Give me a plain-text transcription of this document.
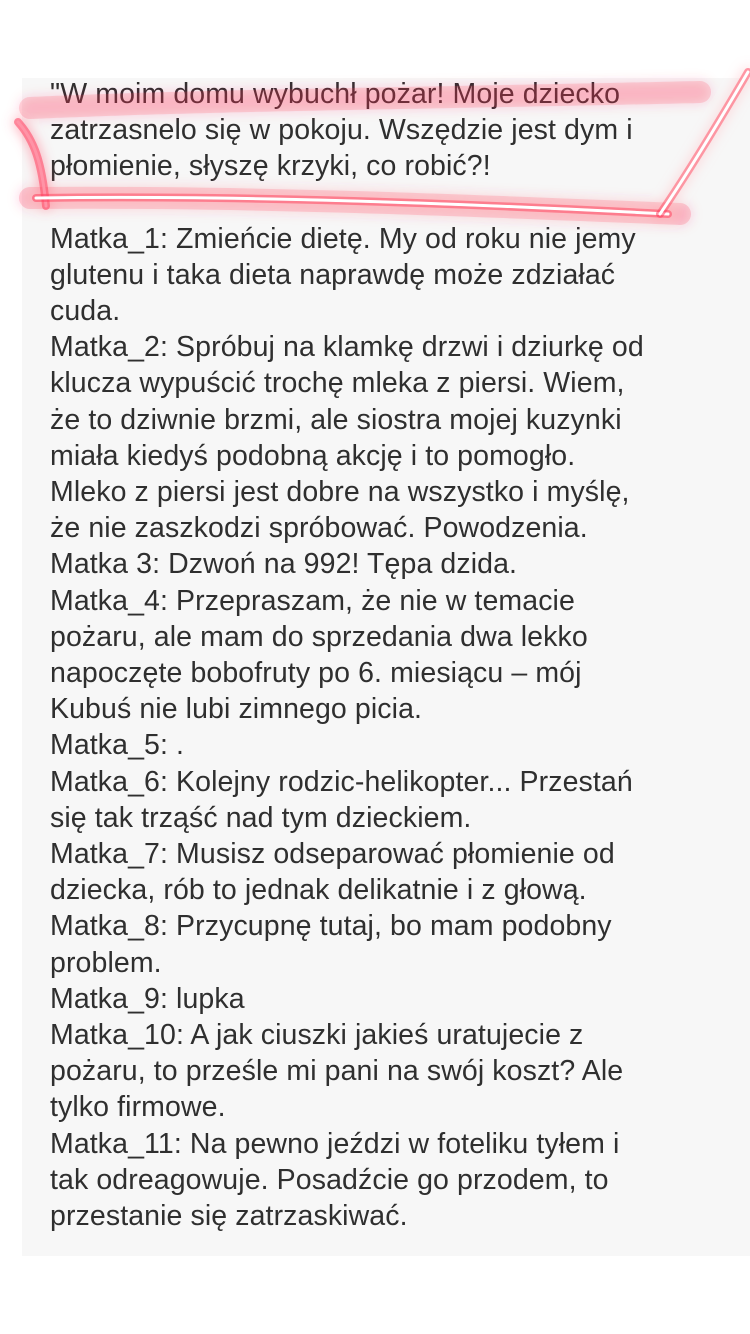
"W moim domu wybuchł pożar! Moje dziecko
zatrzasnelo się w pokoju. Wszędzie jest dym i
płomienie, słyszę krzyki, co robić?!
Matka_1: Zmieńcie dietę. My od roku nie jemy
glutenu i taka dieta naprawdę może zdziałać
cuda.
Matka_2: Spróbuj na klamkę drzwi i dziurkę od
klucza wypuścić trochę mleka z piersi. Wiem,
że to dziwnie brzmi, ale siostra mojej kuzynki
miała kiedyś podobną akcję i to pomogło.
Mleko z piersi jest dobre na wszystko i myślę,
że nie zaszkodzi spróbować. Powodzenia.
Matka 3: Dzwoń na 992! Tępa dzida.
Matka_4: Przepraszam, że nie w temacie
pożaru, ale mam do sprzedania dwa lekko
napoczęte bobofruty po 6. miesiącu – mój
Kubuś nie lubi zimnego picia.
Matka_5: .
Matka_6: Kolejny rodzic-helikopter... Przestań
się tak trząść nad tym dzieckiem.
Matka_7: Musisz odseparować płomienie od
dziecka, rób to jednak delikatnie i z głową.
Matka_8: Przycupnę tutaj, bo mam podobny
problem.
Matka_9: lupka
Matka_10: A jak ciuszki jakieś uratujecie z
pożaru, to prześle mi pani na swój koszt? Ale
tylko firmowe.
Matka_11: Na pewno jeździ w foteliku tyłem i
tak odreagowuje. Posadźcie go przodem, to
przestanie się zatrzaskiwać.
